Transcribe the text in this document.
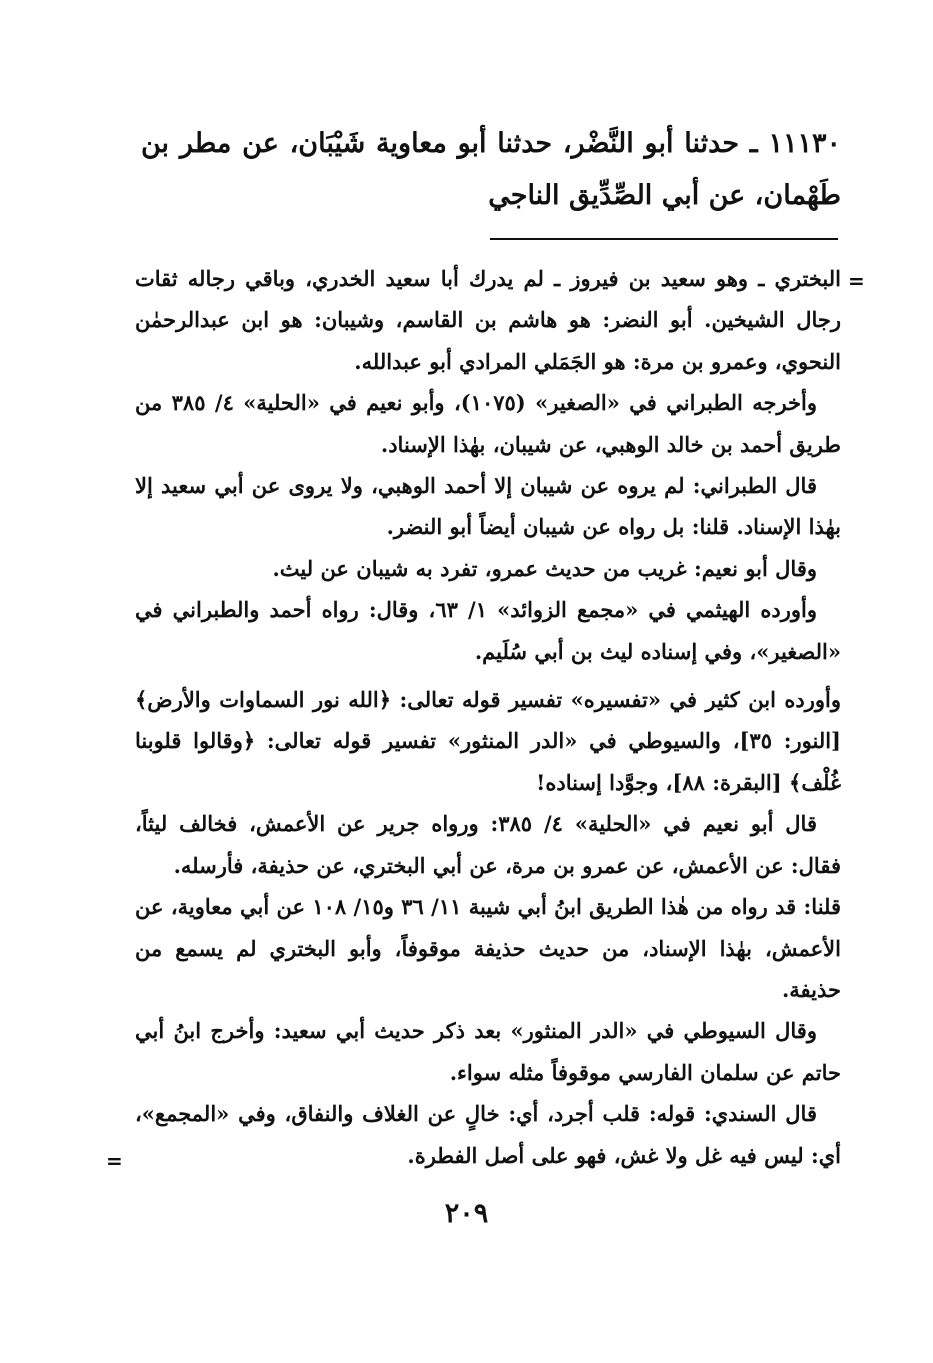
١١١٣٠ ـ حدثنا أبو النَّضْر، حدثنا أبو معاوية شَيْبَان، عن مطر بن طَهْمان، عن أبي الصِّدِّيق الناجي

=

البختري ـ وهو سعيد بن فيروز ـ لم يدرك أبا سعيد الخدري، وباقي رجاله ثقات رجال الشيخين. أبو النضر: هو هاشم بن القاسم، وشيبان: هو ابن عبدالرحمٰن النحوي، وعمرو بن مرة: هو الجَمَلي المرادي أبو عبدالله.

وأخرجه الطبراني في «الصغير» (١٠٧٥)، وأبو نعيم في «الحلية» ٤/ ٣٨٥ من طريق أحمد بن خالد الوهبي، عن شيبان، بهٰذا الإسناد.

قال الطبراني: لم يروه عن شيبان إلا أحمد الوهبي، ولا يروى عن أبي سعيد إلا بهٰذا الإسناد. قلنا: بل رواه عن شيبان أيضاً أبو النضر.

وقال أبو نعيم: غريب من حديث عمرو، تفرد به شيبان عن ليث.

وأورده الهيثمي في «مجمع الزوائد» ١/ ٦٣، وقال: رواه أحمد والطبراني في «الصغير»، وفي إسناده ليث بن أبي سُلَيم.

وأورده ابن كثير في «تفسيره» تفسير قوله تعالى: ﴿الله نور السماوات والأرض﴾ [النور: ٣٥]، والسيوطي في «الدر المنثور» تفسير قوله تعالى: ﴿وقالوا قلوبنا غُلْف﴾ [البقرة: ٨٨]، وجوَّدا إسناده!

قال أبو نعيم في «الحلية» ٤/ ٣٨٥: ورواه جرير عن الأعمش، فخالف ليثاً، فقال: عن الأعمش، عن عمرو بن مرة، عن أبي البختري، عن حذيفة، فأرسله.

قلنا: قد رواه من هٰذا الطريق ابنُ أبي شيبة ١١/ ٣٦ و١٥/ ١٠٨ عن أبي معاوية، عن الأعمش، بهٰذا الإسناد، من حديث حذيفة موقوفاً، وأبو البختري لم يسمع من حذيفة.

وقال السيوطي في «الدر المنثور» بعد ذكر حديث أبي سعيد: وأخرج ابنُ أبي حاتم عن سلمان الفارسي موقوفاً مثله سواء.

قال السندي: قوله: قلب أجرد، أي: خالٍ عن الغلاف والنفاق، وفي «المجمع»، أي: ليس فيه غل ولا غش، فهو على أصل الفطرة.

=
٢٠٩
